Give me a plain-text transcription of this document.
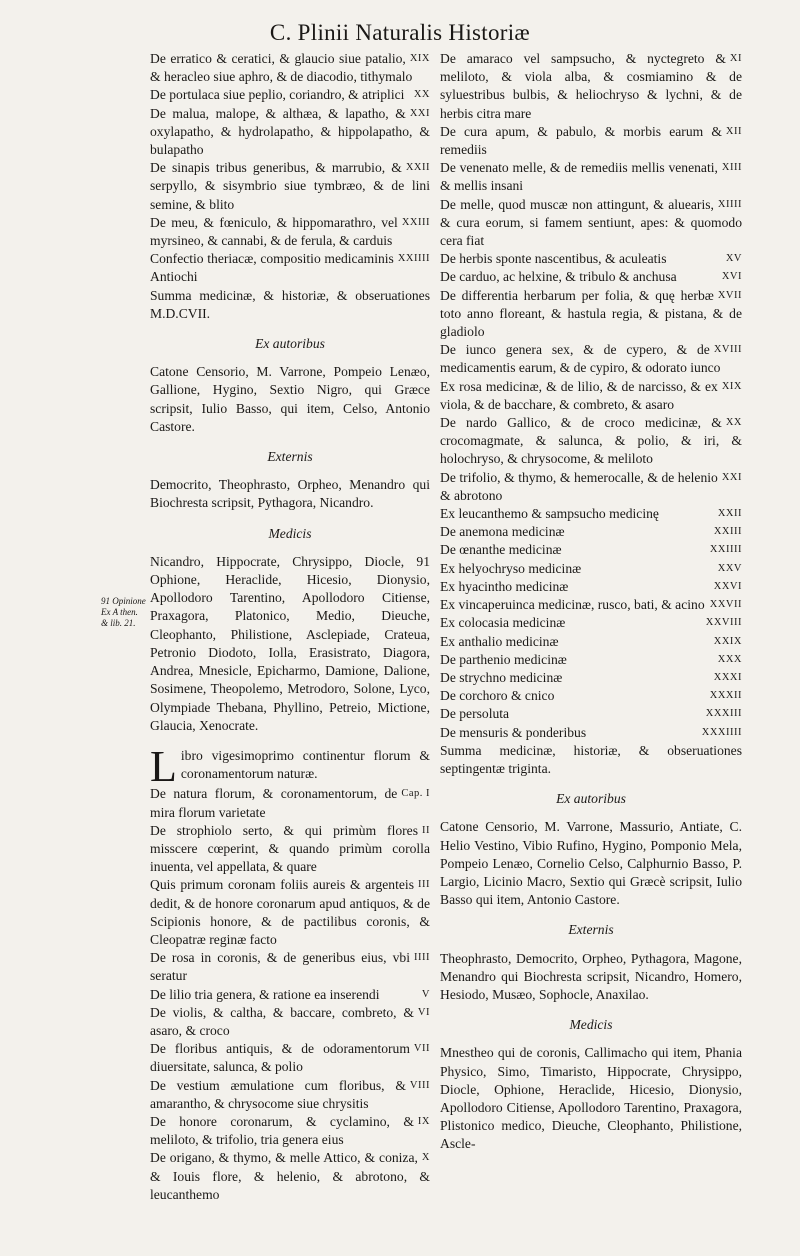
C. Plinii Naturalis Historiæ
91 Opinione Ex A then. & lib. 21.
XIX
De erratico & ceratici, & glaucio siue patalio, & heracleo siue aphro, & de diacodio, tithymalo
XX
De portulaca siue peplio, coriandro, & atriplici
XXI
De malua, malope, & althæa, & lapatho, & oxylapatho, & hydrolapatho, & hippolapatho, & bulapatho
XXII
De sinapis tribus generibus, & marrubio, & serpyllo, & sisymbrio siue tymbræo, & de lini semine, & blito
XXIII
De meu, & fœniculo, & hippomarathro, vel myrsineo, & cannabi, & de ferula, & carduis
XXIIII
Confectio theriacæ, compositio medicaminis Antiochi
Summa medicinæ, & historiæ, & obseruationes M.D.CVII.
Ex autoribus
Catone Censorio, M. Varrone, Pompeio Lenæo, Gallione, Hygino, Sextio Nigro, qui Græce scripsit, Iulio Basso, qui item, Celso, Antonio Castore.
Externis
Democrito, Theophrasto, Orpheo, Menandro qui Biochresta scripsit, Pythagora, Nicandro.
Medicis
Nicandro, Hippocrate, Chrysippo, Diocle, 91 Ophione, Heraclide, Hicesio, Dionysio, Apollodoro Tarentino, Apollodoro Citiense, Praxagora, Platonico, Medio, Dieuche, Cleophanto, Philistione, Asclepiade, Crateua, Petronio Diodoto, Iolla, Erasistrato, Diagora, Andrea, Mnesicle, Epicharmo, Damione, Dalione, Sosimene, Theopolemo, Metrodoro, Solone, Lyco, Olympiade Thebana, Phyllino, Petreio, Mictione, Glaucia, Xenocrate.
Libro vigesimoprimo continentur florum & coronamentorum naturæ.
Cap. I
De natura florum, & coronamentorum, de mira florum varietate
II
De strophiolo serto, & qui primùm flores misscere cœperint, & quando primùm corolla inuenta, vel appellata, & quare
III
Quis primum coronam foliis aureis & argenteis dedit, & de honore coronarum apud antiquos, & de Scipionis honore, & de pactilibus coronis, & Cleopatræ reginæ facto
IIII
De rosa in coronis, & de generibus eius, vbi seratur
V
De lilio tria genera, & ratione ea inserendi
VI
De violis, & caltha, & baccare, combreto, & asaro, & croco
VII
De floribus antiquis, & de odoramentorum diuersitate, salunca, & polio
VIII
De vestium æmulatione cum floribus, & amarantho, & chrysocome siue chrysitis
IX
De honore coronarum, & cyclamino, & meliloto, & trifolio, tria genera eius
X
De origano, & thymo, & melle Attico, & coniza, & Iouis flore, & helenio, & abrotono, & leucanthemo
XI
De amaraco vel sampsucho, & nyctegreto & meliloto, & viola alba, & cosmiamino & de syluestribus bulbis, & heliochryso & lychni, & de herbis citra mare
XII
De cura apum, & pabulo, & morbis earum & remediis
XIII
De venenato melle, & de remediis mellis venenati, & mellis insani
XIIII
De melle, quod muscæ non attingunt, & aluearis, & cura eorum, si famem sentiunt, apes: & quomodo cera fiat
XV
De herbis sponte nascentibus, & aculeatis
XVI
De carduo, ac helxine, & tribulo & anchusa
XVII
De differentia herbarum per folia, & quę herbæ toto anno floreant, & hastula regia, & pistana, & de gladiolo
XVIII
De iunco genera sex, & de cypero, & de medicamentis earum, & de cypiro, & odorato iunco
XIX
Ex rosa medicinæ, & de lilio, & de narcisso, & ex viola, & de bacchare, & combreto, & asaro
XX
De nardo Gallico, & de croco medicinæ, & crocomagmate, & salunca, & polio, & iri, & holochryso, & chrysocome, & meliloto
XXI
De trifolio, & thymo, & hemerocalle, & de helenio & abrotono
XXII
Ex leucanthemo & sampsucho medicinę
XXIII
De anemona medicinæ
XXIIII
De œnanthe medicinæ
XXV
Ex helyochryso medicinæ
XXVI
Ex hyacintho medicinæ
XXVII
Ex vincaperuinca medicinæ, rusco, bati, & acino
XXVIII
Ex colocasia medicinæ
XXIX
Ex anthalio medicinæ
XXX
De parthenio medicinæ
XXXI
De strychno medicinæ
XXXII
De corchoro & cnico
XXXIII
De persoluta
XXXIIII
De mensuris & ponderibus
Summa medicinæ, historiæ, & obseruationes septingentæ triginta.
Ex autoribus
Catone Censorio, M. Varrone, Massurio, Antiate, C. Helio Vestino, Vibio Rufino, Hygino, Pomponio Mela, Pompeio Lenæo, Cornelio Celso, Calphurnio Basso, P. Largio, Licinio Macro, Sextio qui Græcè scripsit, Iulio Basso qui item, Antonio Castore.
Externis
Theophrasto, Democrito, Orpheo, Pythagora, Magone, Menandro qui Biochresta scripsit, Nicandro, Homero, Hesiodo, Musæo, Sophocle, Anaxilao.
Medicis
Mnestheo qui de coronis, Callimacho qui item, Phania Physico, Simo, Timaristo, Hippocrate, Chrysippo, Diocle, Ophione, Heraclide, Hicesio, Dionysio, Apollodoro Citiense, Apollodoro Tarentino, Praxagora, Plistonico medico, Dieuche, Cleophanto, Philistione, Ascle-
